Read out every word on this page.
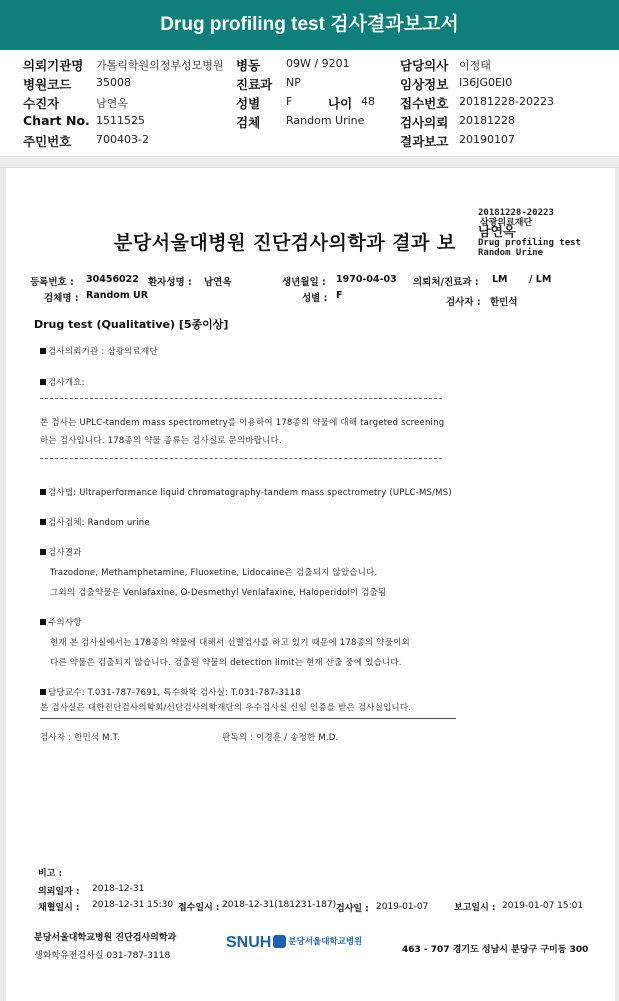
Drug profiling test 검사결과보고서
의뢰기관명 가톨릭학원의정부성모병원 병동 09W / 9201	담당의사 이정태
병원코드 35008	진료과 NP	임상정보 I36JG0EI0
수진자	남연옥	성별 F	나이 48 접수번호 20181228-20223
Chart No. 1511525	검체 Random Urine	검사의뢰 20181228
주민번호 700403-2	결과보고 20190107
20181228-20223
삼광의료재단
남연옥
Drug profiling test
Random Urine
분당서울대병원 진단검사의학과 결과 보
등록번호 : 30456022 환자성명 : 남연옥	생년월일 : 1970-04-03 의뢰처/진료과 : LM / LM
검체명 : Random UR	성별 : F
검사자 : 한민석
Drug test (Qualitative) [5종이상]
검사의뢰기관 : 삼광의료재단
검사개요:
본 검사는 UPLC-tandem mass spectrometry를 이용하여 178종의 약물에 대해 targeted screening
하는 검사입니다. 178종의 약물 종류는 검사실로 문의바랍니다.
검사법: Ultraperformance liquid chromatography-tandem mass spectrometry (UPLC-MS/MS)
검사검체: Random urine
검사결과
Trazodone, Methamphetamine, Fluoxetine, Lidocaine은 검출되지 않았습니다.
그외의 검출약물은 Venlafaxine, O-Desmethyl Venlafaxine, Haloperidol이 검출됨
주의사항
현재 본 검사실에서는 178종의 약물에 대해서 선별검사를 하고 있기 때문에 178종의 약물이외
다른 약물은 검출되지 않습니다. 검출된 약물의 detection limit는 현재 산출 중에 있습니다.
담당교수: T.031-787-7691, 특수화학 검사실: T.031-787-3118
본 검사실은 대한진단검사의학회/신단검사의학재단의 우수검사실 신임 인증을 받은 검사실입니다.
검사자 : 한민석 M.T.	판독의 : 이경훈 / 송정한 M.D.
비고 :
의뢰일자 : 2018-12-31
채혈일시 : 2018-12-31 15:30 접수일시 : 2018-12-31(181231-187) 검사일 : 2019-01-07	보고일시 : 2019-01-07 15:01
분당서울대학교병원 진단검사의학과
생화학유전검사실 031-787-3118
SNUH 분당서울대학교병원
463 - 707 경기도 성남시 분당구 구미동 300
